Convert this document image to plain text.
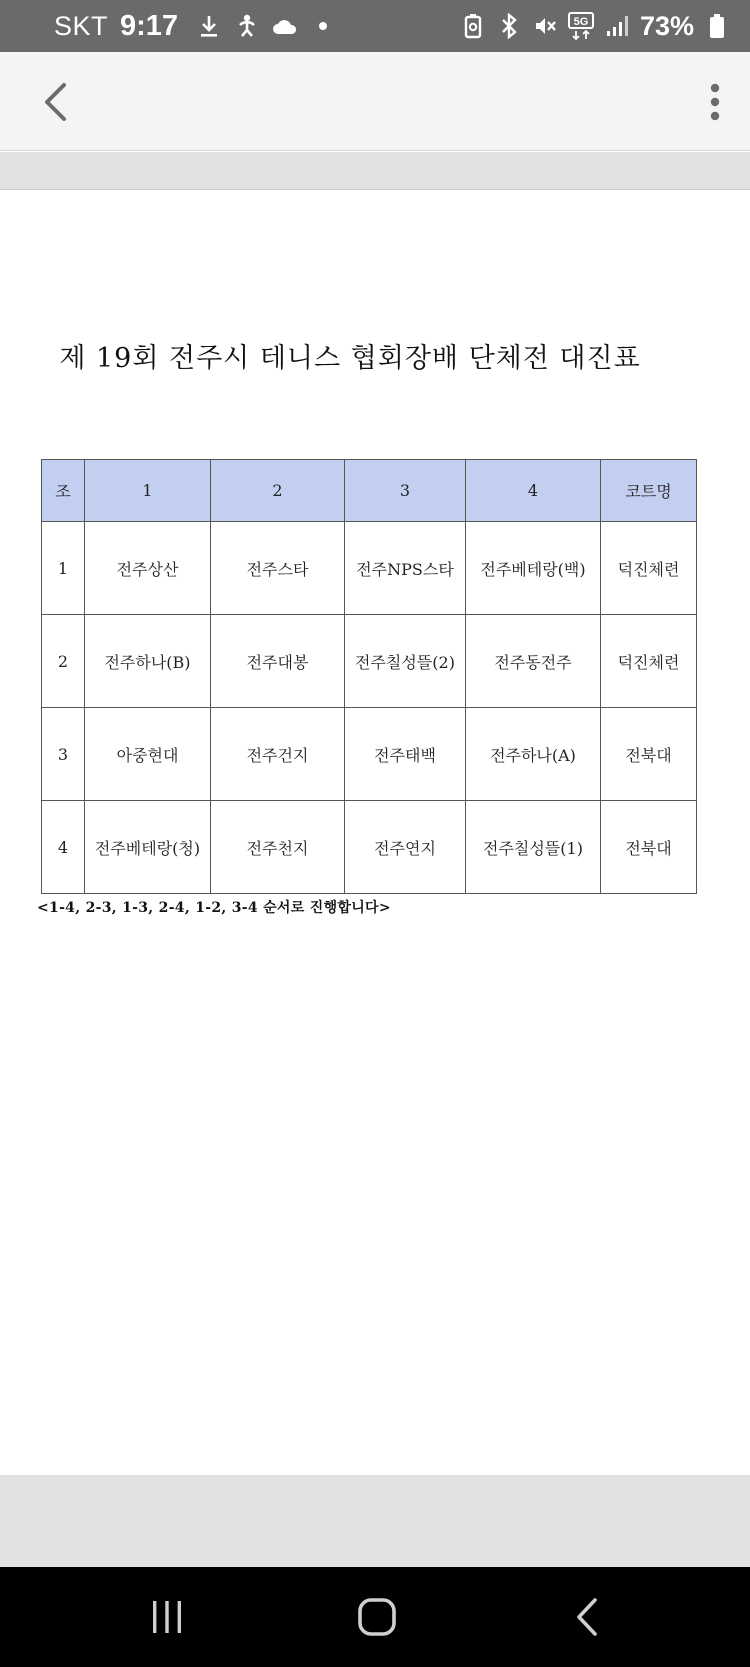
SKT 9:17	5G 73%
제 19회 전주시 테니스 협회장배 단체전 대진표
조	1	2	3	4	코트명
1	전주상산	전주스타	전주NPS스타	전주베테랑(백)	덕진체련
2	전주하나(B)	전주대봉	전주칠성뜰(2)	전주동전주	덕진체련
3	아중현대	전주건지	전주태백	전주하나(A)	전북대
4	전주베테랑(청)	전주천지	전주연지	전주칠성뜰(1)	전북대
<1-4, 2-3, 1-3, 2-4, 1-2, 3-4 순서로 진행합니다>
